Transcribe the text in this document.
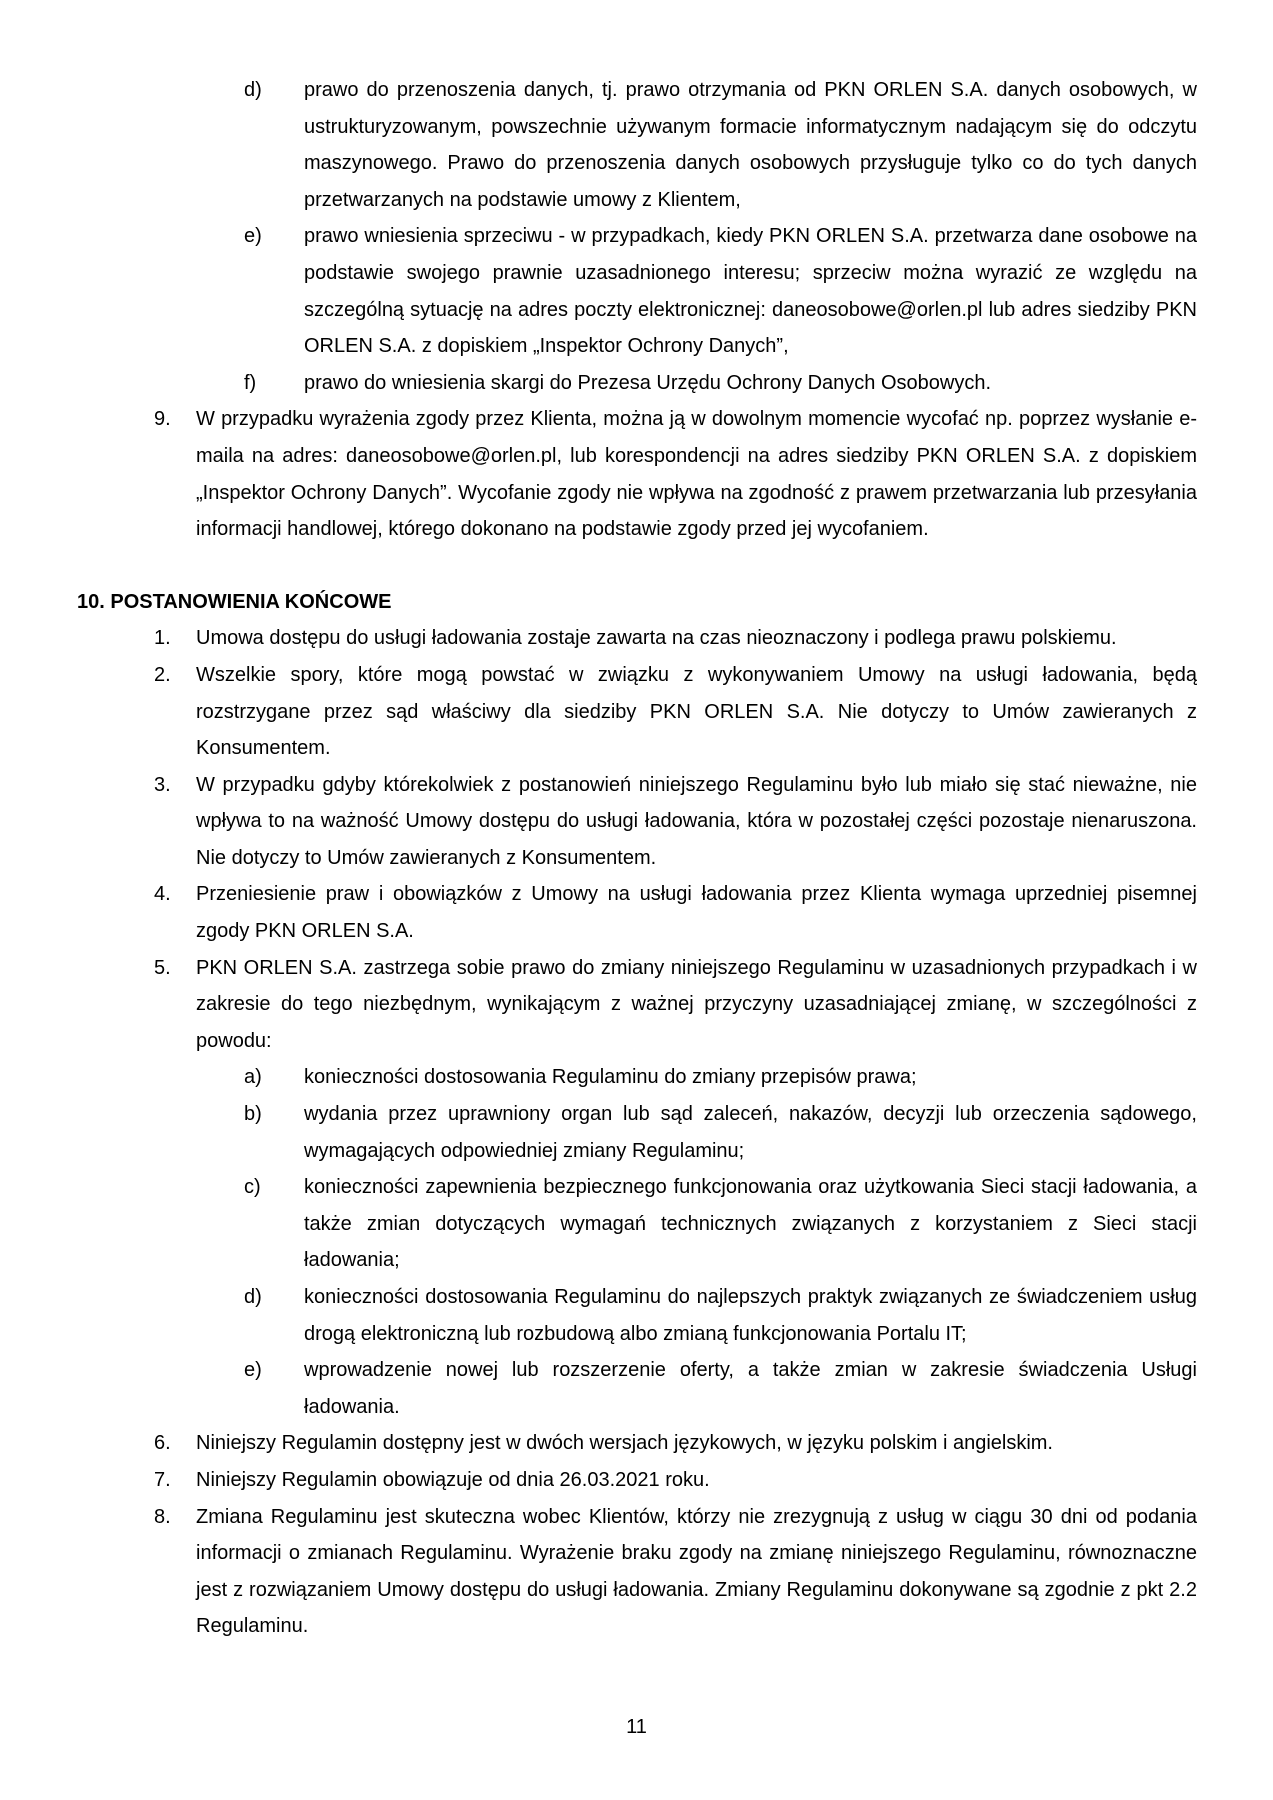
d) prawo do przenoszenia danych, tj. prawo otrzymania od PKN ORLEN S.A. danych osobowych, w ustrukturyzowanym, powszechnie używanym formacie informatycznym nadającym się do odczytu maszynowego. Prawo do przenoszenia danych osobowych przysługuje tylko co do tych danych przetwarzanych na podstawie umowy z Klientem,
e) prawo wniesienia sprzeciwu - w przypadkach, kiedy PKN ORLEN S.A. przetwarza dane osobowe na podstawie swojego prawnie uzasadnionego interesu; sprzeciw można wyrazić ze względu na szczególną sytuację na adres poczty elektronicznej: daneosobowe@orlen.pl lub adres siedziby PKN ORLEN S.A. z dopiskiem „Inspektor Ochrony Danych”,
f) prawo do wniesienia skargi do Prezesa Urzędu Ochrony Danych Osobowych.
9. W przypadku wyrażenia zgody przez Klienta, można ją w dowolnym momencie wycofać np. poprzez wysłanie e-maila na adres: daneosobowe@orlen.pl, lub korespondencji na adres siedziby PKN ORLEN S.A. z dopiskiem „Inspektor Ochrony Danych”. Wycofanie zgody nie wpływa na zgodność z prawem przetwarzania lub przesyłania informacji handlowej, którego dokonano na podstawie zgody przed jej wycofaniem.
10. POSTANOWIENIA KOŃCOWE
1. Umowa dostępu do usługi ładowania zostaje zawarta na czas nieoznaczony i podlega prawu polskiemu.
2. Wszelkie spory, które mogą powstać w związku z wykonywaniem Umowy na usługi ładowania, będą rozstrzygane przez sąd właściwy dla siedziby PKN ORLEN S.A. Nie dotyczy to Umów zawieranych z Konsumentem.
3. W przypadku gdyby którekolwiek z postanowień niniejszego Regulaminu było lub miało się stać nieważne, nie wpływa to na ważność Umowy dostępu do usługi ładowania, która w pozostałej części pozostaje nienaruszona. Nie dotyczy to Umów zawieranych z Konsumentem.
4. Przeniesienie praw i obowiązków z Umowy na usługi ładowania przez Klienta wymaga uprzedniej pisemnej zgody PKN ORLEN S.A.
5. PKN ORLEN S.A. zastrzega sobie prawo do zmiany niniejszego Regulaminu w uzasadnionych przypadkach i w zakresie do tego niezbędnym, wynikającym z ważnej przyczyny uzasadniającej zmianę, w szczególności z powodu:
a) konieczności dostosowania Regulaminu do zmiany przepisów prawa;
b) wydania przez uprawniony organ lub sąd zaleceń, nakazów, decyzji lub orzeczenia sądowego, wymagających odpowiedniej zmiany Regulaminu;
c) konieczności zapewnienia bezpiecznego funkcjonowania oraz użytkowania Sieci stacji ładowania, a także zmian dotyczących wymagań technicznych związanych z korzystaniem z Sieci stacji ładowania;
d) konieczności dostosowania Regulaminu do najlepszych praktyk związanych ze świadczeniem usług drogą elektroniczną lub rozbudową albo zmianą funkcjonowania Portalu IT;
e) wprowadzenie nowej lub rozszerzenie oferty, a także zmian w zakresie świadczenia Usługi ładowania.
6. Niniejszy Regulamin dostępny jest w dwóch wersjach językowych, w języku polskim i angielskim.
7. Niniejszy Regulamin obowiązuje od dnia 26.03.2021 roku.
8. Zmiana Regulaminu jest skuteczna wobec Klientów, którzy nie zrezygnują z usług w ciągu 30 dni od podania informacji o zmianach Regulaminu. Wyrażenie braku zgody na zmianę niniejszego Regulaminu, równoznaczne jest z rozwiązaniem Umowy dostępu do usługi ładowania. Zmiany Regulaminu dokonywane są zgodnie z pkt 2.2 Regulaminu.
11
